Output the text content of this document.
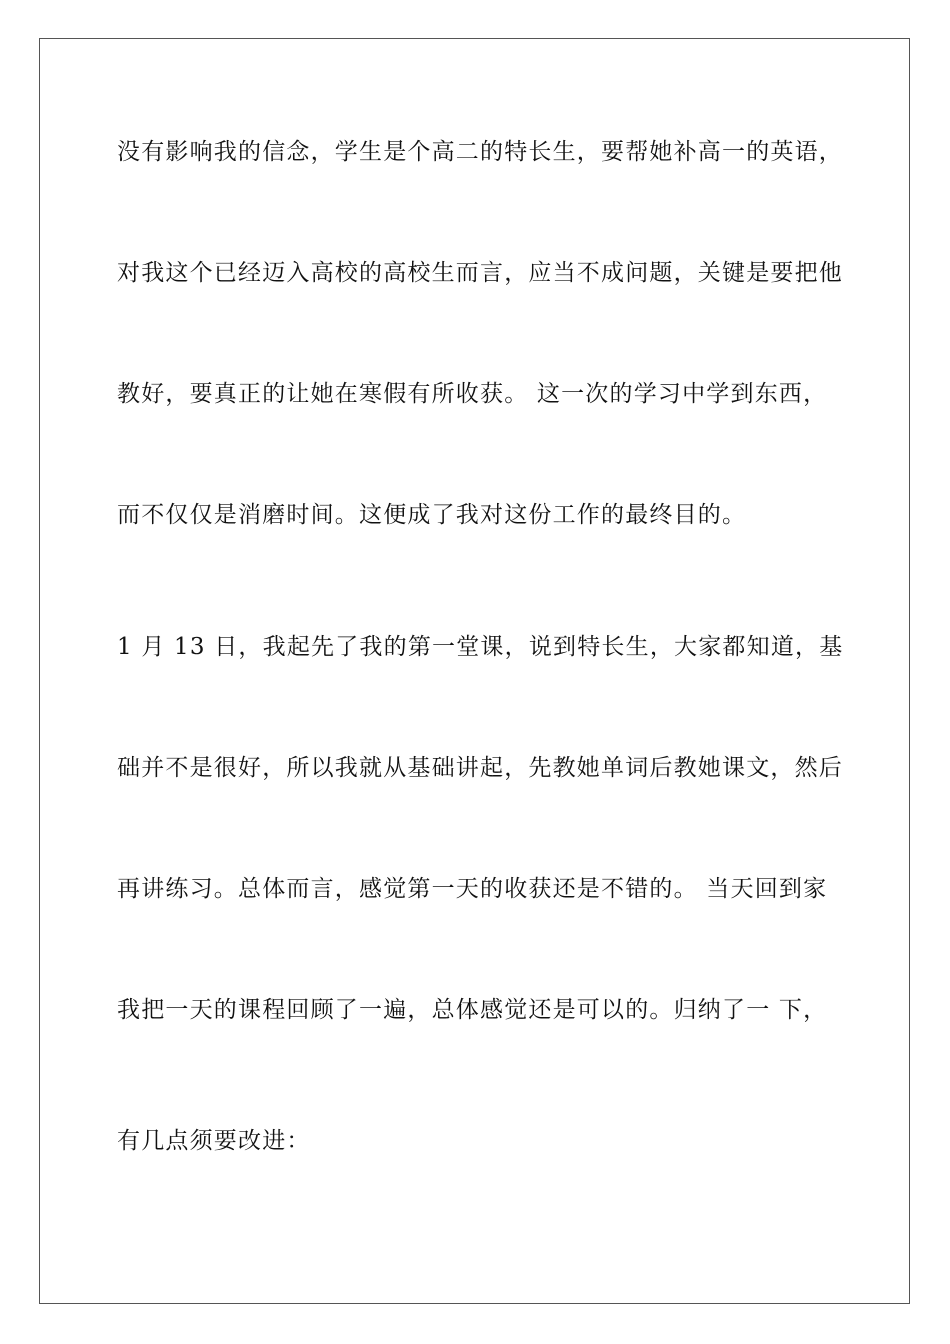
没有影响我的信念，学生是个高二的特长生，要帮她补高一的英语，
对我这个已经迈入高校的高校生而言，应当不成问题，关键是要把他
教好，要真正的让她在寒假有所收获。 这一次的学习中学到东西，
而不仅仅是消磨时间。这便成了我对这份工作的最终目的。
1 月 13 日，我起先了我的第一堂课，说到特长生，大家都知道，基
础并不是很好，所以我就从基础讲起，先教她单词后教她课文，然后
再讲练习。总体而言，感觉第一天的收获还是不错的。 当天回到家
我把一天的课程回顾了一遍，总体感觉还是可以的。归纳了一 下，
有几点须要改进：
